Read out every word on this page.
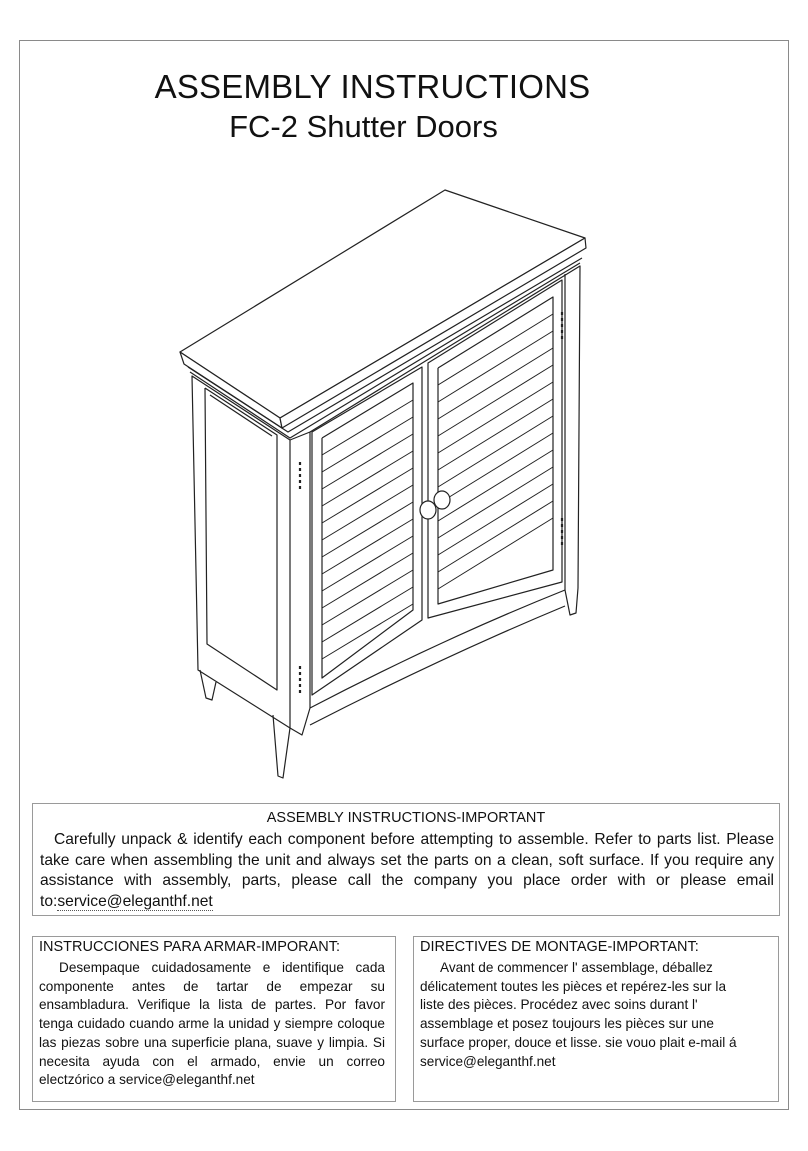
ASSEMBLY INSTRUCTIONS
FC-2 Shutter Doors
ASSEMBLY INSTRUCTIONS-IMPORTANT
Carefully unpack & identify each component before attempting to assemble. Refer to parts list. Please take care when assembling the unit and always set the parts on a clean, soft surface. If you require any assistance with assembly, parts, please call the company you place order with or please email to:service@eleganthf.net
INSTRUCCIONES PARA ARMAR-IMPORANT:
Desempaque cuidadosamente e identifique cada componente antes de tartar de empezar su ensambladura. Verifique la lista de partes. Por favor tenga cuidado cuando arme la unidad y siempre coloque las piezas sobre una superficie plana, suave y limpia. Si necesita ayuda con el armado, envie un correo electzórico a service@eleganthf.net
DIRECTIVES DE MONTAGE-IMPORTANT:
Avant de commencer l' assemblage, déballez
délicatement toutes les pièces et repérez-les sur la
liste des pièces. Procédez avec soins durant l'
assemblage et posez toujours les pièces sur une
surface proper, douce et lisse. sie vouo plait e-mail á
service@eleganthf.net
